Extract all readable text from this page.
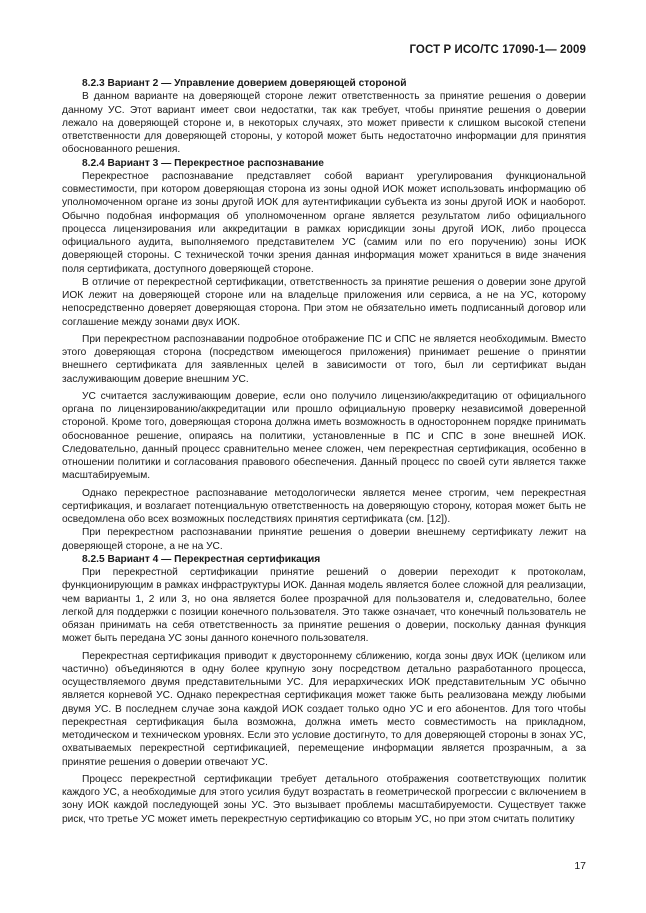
ГОСТ Р ИСО/ТС 17090-1— 2009
8.2.3 Вариант 2 — Управление доверием доверяющей стороной

В данном варианте на доверяющей стороне лежит ответственность за принятие решения о доверии данному УС. Этот вариант имеет свои недостатки, так как требует, чтобы принятие решения о доверии лежало на доверяющей стороне и, в некоторых случаях, это может привести к слишком высокой степени ответственности для доверяющей стороны, у которой может быть недостаточно информации для принятия обоснованного решения.

8.2.4 Вариант 3 — Перекрестное распознавание

Перекрестное распознавание представляет собой вариант урегулирования функциональной совместимости, при котором доверяющая сторона из зоны одной ИОК может использовать информацию об уполномоченном органе из зоны другой ИОК для аутентификации субъекта из зоны другой ИОК и наоборот. Обычно подобная информация об уполномоченном органе является результатом либо официального процесса лицензирования или аккредитации в рамках юрисдикции зоны другой ИОК, либо процесса официального аудита, выполняемого представителем УС (самим или по его поручению) зоны ИОК доверяющей стороны. С технической точки зрения данная информация может храниться в виде значения поля сертификата, доступного доверяющей стороне.

В отличие от перекрестной сертификации, ответственность за принятие решения о доверии зоне другой ИОК лежит на доверяющей стороне или на владельце приложения или сервиса, а не на УС, которому непосредственно доверяет доверяющая сторона. При этом не обязательно иметь подписанный договор или соглашение между зонами двух ИОК.

При перекрестном распознавании подробное отображение ПС и СПС не является необходимым. Вместо этого доверяющая сторона (посредством имеющегося приложения) принимает решение о принятии внешнего сертификата для заявленных целей в зависимости от того, был ли сертификат выдан заслуживающим доверие внешним УС.

УС считается заслуживающим доверие, если оно получило лицензию/аккредитацию от официального органа по лицензированию/аккредитации или прошло официальную проверку независимой доверенной стороной. Кроме того, доверяющая сторона должна иметь возможность в одностороннем порядке принимать обоснованное решение, опираясь на политики, установленные в ПС и СПС в зоне внешней ИОК. Следовательно, данный процесс сравнительно менее сложен, чем перекрестная сертификация, особенно в отношении политики и согласования правового обеспечения. Данный процесс по своей сути является также масштабируемым.

Однако перекрестное распознавание методологически является менее строгим, чем перекрестная сертификация, и возлагает потенциальную ответственность на доверяющую сторону, которая может быть не осведомлена обо всех возможных последствиях принятия сертификата (см. [12]).

При перекрестном распознавании принятие решения о доверии внешнему сертификату лежит на доверяющей стороне, а не на УС.

8.2.5 Вариант 4 — Перекрестная сертификация

При перекрестной сертификации принятие решений о доверии переходит к протоколам, функционирующим в рамках инфраструктуры ИОК. Данная модель является более сложной для реализации, чем варианты 1, 2 или 3, но она является более прозрачной для пользователя и, следовательно, более легкой для поддержки с позиции конечного пользователя. Это также означает, что конечный пользователь не обязан принимать на себя ответственность за принятие решения о доверии, поскольку данная функция может быть передана УС зоны данного конечного пользователя.

Перекрестная сертификация приводит к двустороннему сближению, когда зоны двух ИОК (целиком или частично) объединяются в одну более крупную зону посредством детально разработанного процесса, осуществляемого двумя представительными УС. Для иерархических ИОК представительным УС обычно является корневой УС. Однако перекрестная сертификация может также быть реализована между любыми двумя УС. В последнем случае зона каждой ИОК создает только одно УС и его абонентов. Для того чтобы перекрестная сертификация была возможна, должна иметь место совместимость на прикладном, методическом и техническом уровнях. Если это условие достигнуто, то для доверяющей стороны в зонах УС, охватываемых перекрестной сертификацией, перемещение информации является прозрачным, а за принятие решения о доверии отвечают УС.

Процесс перекрестной сертификации требует детального отображения соответствующих политик каждого УС, а необходимые для этого усилия будут возрастать в геометрической прогрессии с включением в зону ИОК каждой последующей зоны УС. Это вызывает проблемы масштабируемости. Существует также риск, что третье УС может иметь перекрестную сертификацию со вторым УС, но при этом считать политику

17
